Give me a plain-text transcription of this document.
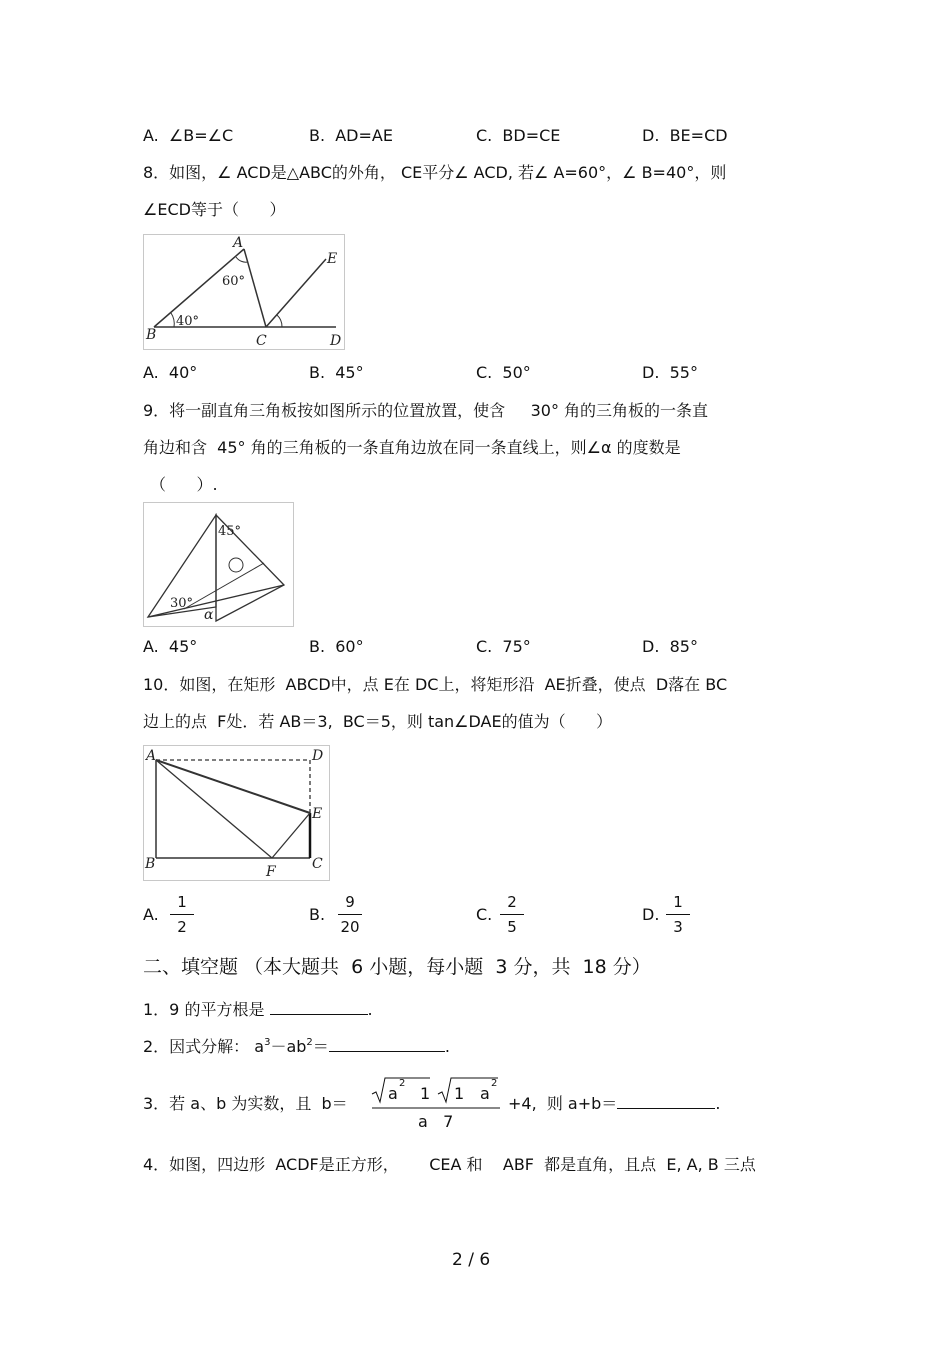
A.  ∠B=∠C	B.  AD=AE	C.  BD=CE	D.  BE=CD
8．如图，∠ ACD是△ABC的外角， CE平分∠ ACD, 若∠ A=60°，∠ B=40°，则
∠ECD等于（      ）
A
60°
E
40°
B	C	D
A.  40°	B.  45°	C.  50°	D.  55°
9．将一副直角三角板按如图所示的位置放置，使含     30° 角的三角板的一条直
角边和含  45° 角的三角板的一条直角边放在同一条直线上，则∠α 的度数是
（      ）.
45°
30°
α
A.  45°	B.  60°	C.  75°	D.  85°
10．如图，在矩形  ABCD中，点 E在 DC上，将矩形沿  AE折叠，使点  D落在 BC
边上的点  F处．若 AB＝3,  BC＝5，则 tan∠DAE的值为（      ）
A	D
E
B	F	C
A.
1
2
B.
9
20
C.
2
5
D.
1
3
二、填空题 （本大题共  6 小题，每小题  3 分，共  18 分）
1．9 的平方根是	.
2．因式分解： $a^3-ab^2=$	.
3．若 a、b 为实数，且  b＝
a
2
1 1 a
2
a   7
+4,  则 a+b＝	.
4．如图，四边形  ACDF是正方形，      CEA 和    ABF  都是直角，且点  E, A, B 三点
2 / 6
